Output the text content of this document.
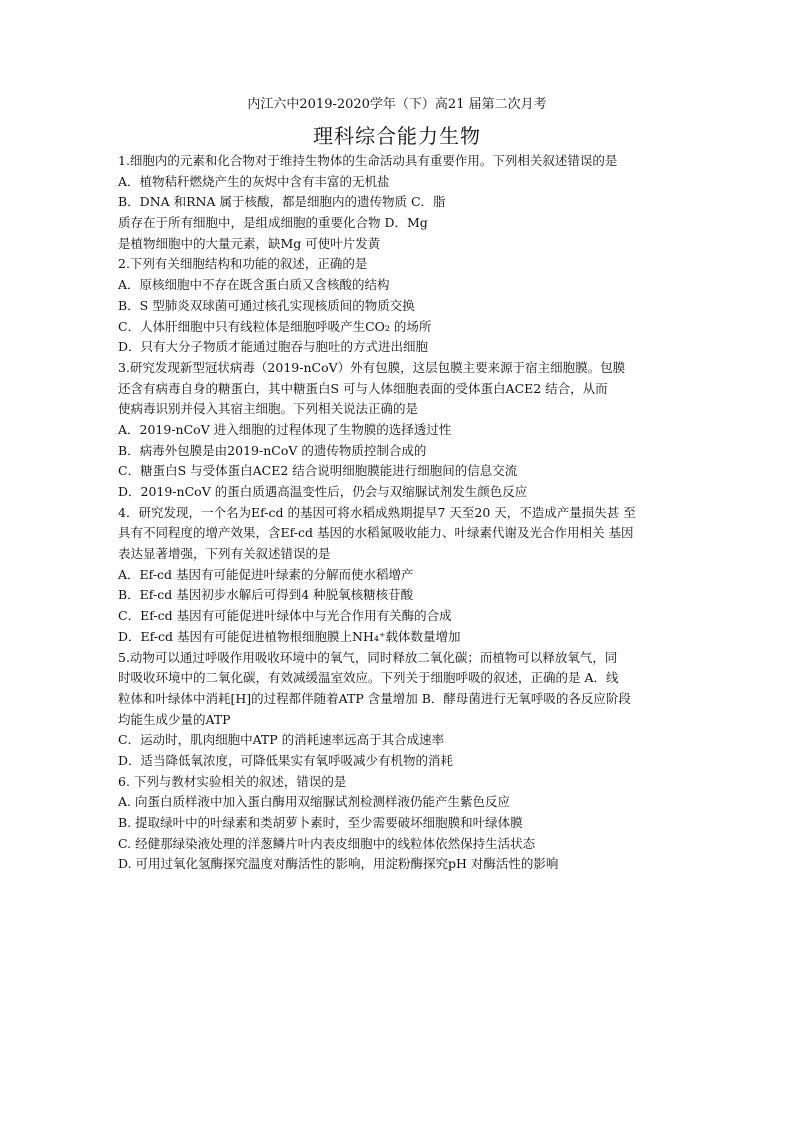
内江六中2019-2020学年（下）高21 届第二次月考
理科综合能力生物
1.细胞内的元素和化合物对于维持生物体的生命活动具有重要作用。下列相关叙述错误的是
A．植物秸秆燃烧产生的灰烬中含有丰富的无机盐
B．DNA 和RNA 属于核酸，都是细胞内的遗传物质 C．脂
质存在于所有细胞中，是组成细胞的重要化合物 D．Mg
是植物细胞中的大量元素，缺Mg 可使叶片发黄
2.下列有关细胞结构和功能的叙述，正确的是
A．原核细胞中不存在既含蛋白质又含核酸的结构
B．S 型肺炎双球菌可通过核孔实现核质间的物质交换
C．人体肝细胞中只有线粒体是细胞呼吸产生CO₂ 的场所
D．只有大分子物质才能通过胞吞与胞吐的方式进出细胞
3.研究发现新型冠状病毒（2019-nCoV）外有包膜，这层包膜主要来源于宿主细胞膜。包膜
还含有病毒自身的糖蛋白，其中糖蛋白S 可与人体细胞表面的受体蛋白ACE2 结合，从而
使病毒识别并侵入其宿主细胞。下列相关说法正确的是
A．2019-nCoV 进入细胞的过程体现了生物膜的选择透过性
B．病毒外包膜是由2019-nCoV 的遗传物质控制合成的
C．糖蛋白S 与受体蛋白ACE2 结合说明细胞膜能进行细胞间的信息交流
D．2019-nCoV 的蛋白质遇高温变性后，仍会与双缩脲试剂发生颜色反应
4．研究发现，一个名为Ef-cd 的基因可将水稻成熟期提早7 天至20 天，不造成产量损失甚 至
具有不同程度的增产效果，含Ef-cd 基因的水稻氮吸收能力、叶绿素代谢及光合作用相关 基因
表达显著增强，下列有关叙述错误的是
A．Ef-cd 基因有可能促进叶绿素的分解而使水稻增产
B．Ef-cd 基因初步水解后可得到4 种脱氧核糖核苷酸
C．Ef-cd 基因有可能促进叶绿体中与光合作用有关酶的合成
D．Ef-cd 基因有可能促进植物根细胞膜上NH₄⁺载体数量增加
5.动物可以通过呼吸作用吸收环境中的氧气，同时释放二氧化碳；而植物可以释放氧气，同
时吸收环境中的二氧化碳，有效减缓温室效应。下列关于细胞呼吸的叙述，正确的是 A．线
粒体和叶绿体中消耗[H]的过程都伴随着ATP 含量增加 B．酵母菌进行无氧呼吸的各反应阶段
均能生成少量的ATP
C．运动时，肌肉细胞中ATP 的消耗速率远高于其合成速率
D．适当降低氧浓度，可降低果实有氧呼吸减少有机物的消耗
6. 下列与教材实验相关的叙述，错误的是
A. 向蛋白质样液中加入蛋白酶用双缩脲试剂检测样液仍能产生紫色反应
B. 提取绿叶中的叶绿素和类胡萝卜素时，至少需要破坏细胞膜和叶绿体膜
C. 经健那绿染液处理的洋葱鳞片叶内表皮细胞中的线粒体依然保持生活状态
D. 可用过氧化氢酶探究温度对酶活性的影响，用淀粉酶探究pH 对酶活性的影响
